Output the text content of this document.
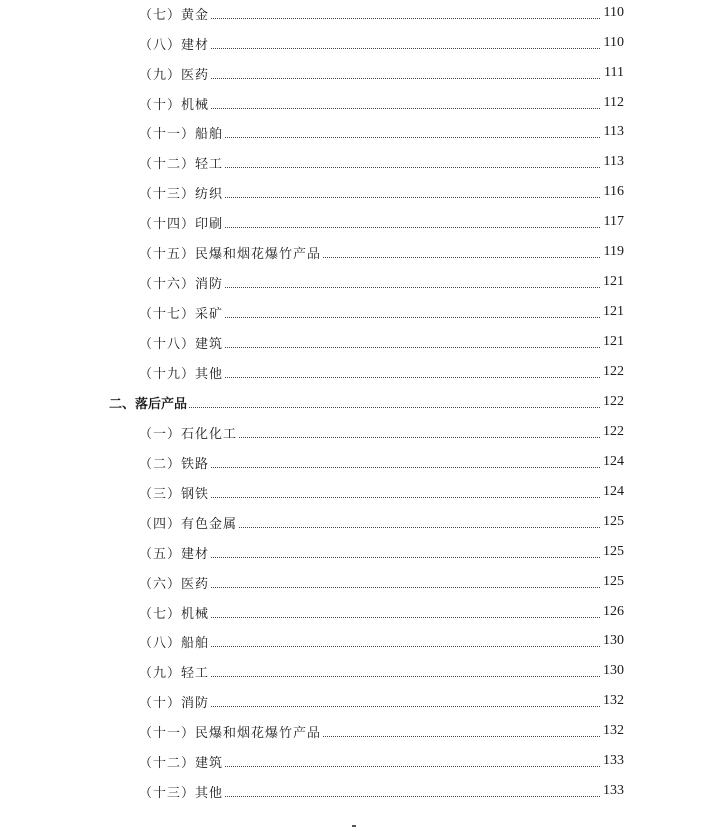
（七）黄金	110
（八）建材	110
（九）医药	111
（十）机械	112
（十一）船舶	113
（十二）轻工	113
（十三）纺织	116
（十四）印刷	117
（十五）民爆和烟花爆竹产品	119
（十六）消防	121
（十七）采矿	121
（十八）建筑	121
（十九）其他	122
二、落后产品	122
（一）石化化工	122
（二）铁路	124
（三）钢铁	124
（四）有色金属	125
（五）建材	125
（六）医药	125
（七）机械	126
（八）船舶	130
（九）轻工	130
（十）消防	132
（十一）民爆和烟花爆竹产品	132
（十二）建筑	133
（十三）其他	133
